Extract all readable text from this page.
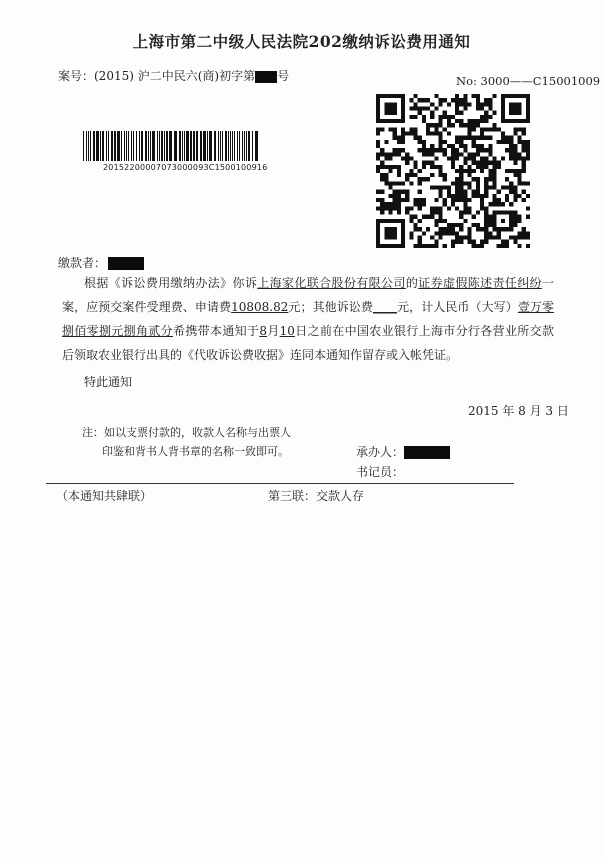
上海市第二中级人民法院202缴纳诉讼费用通知
案号：(2015) 沪二中民六(商)初字第 号	No: 3000——C15001009
20152200007073000093C1500100916
缴款者：

根据《诉讼费用缴纳办法》你诉上海家化联合股份有限公司的证券虚假陈述责任纠纷一

案，应预交案件受理费、申请费10808.82元；其他诉讼费____元，计人民币（大写）壹万零

捌佰零捌元捌角贰分希携带本通知于8月10日之前在中国农业银行上海市分行各营业所交款

后领取农业银行出具的《代收诉讼费收据》连同本通知作留存或入帐凭证。

特此通知
2015 年 8 月 3 日
注：如以支票付款的，收款人名称与出票人
印鉴和背书人背书章的名称一致即可。	承办人：
书记员：
（本通知共肆联）	第三联：交款人存
